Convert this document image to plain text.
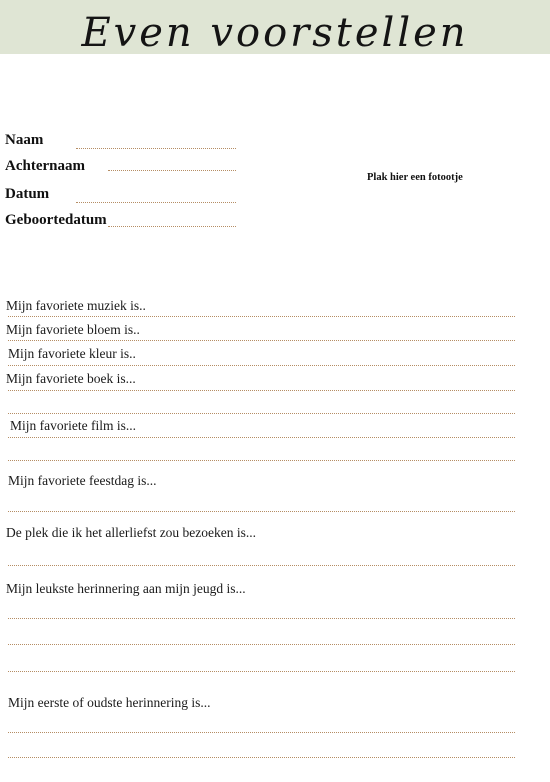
Even voorstellen
Naam
Achternaam
Datum
Geboortedatum
Plak hier een fotootje
Mijn favoriete muziek is..
Mijn favoriete bloem is..
Mijn favoriete kleur is..
Mijn favoriete boek is...
Mijn favoriete film is...
Mijn favoriete feestdag is...
De plek die ik het allerliefst zou bezoeken is...
Mijn leukste herinnering aan mijn jeugd is...
Mijn eerste of oudste herinnering is...
